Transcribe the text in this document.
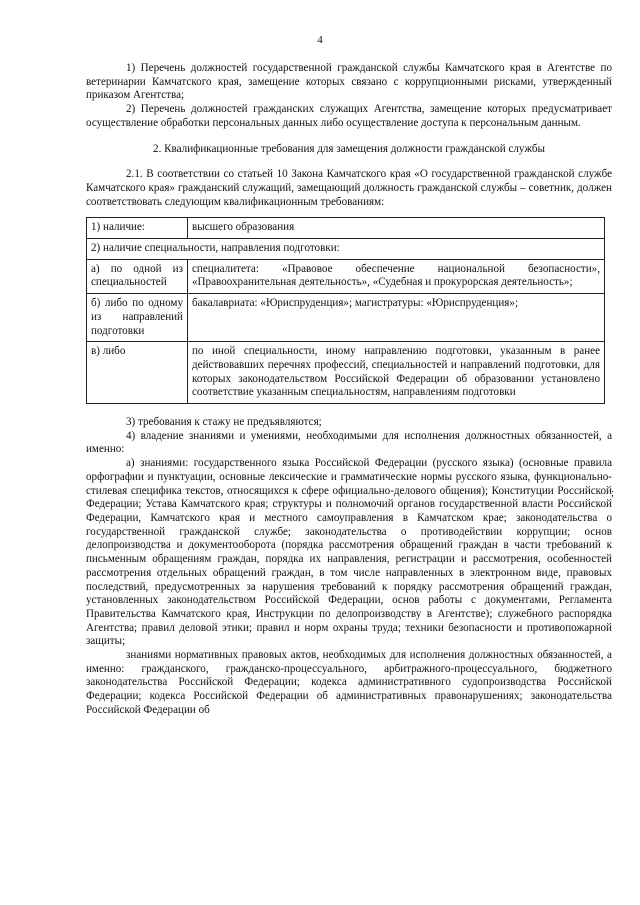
4

1) Перечень должностей государственной гражданской службы Камчатского края в Агентстве по ветеринарии Камчатского края, замещение которых связано с коррупционными рисками, утвержденный приказом Агентства;

2) Перечень должностей гражданских служащих Агентства, замещение которых предусматривает осуществление обработки персональных данных либо осуществление доступа к персональным данным.

2. Квалификационные требования для замещения должности гражданской службы

2.1. В соответствии со статьей 10 Закона Камчатского края «О государственной гражданской службе Камчатского края» гражданский служащий, замещающий должность гражданской службы – советник, должен соответствовать следующим квалификационным требованиям:

1) наличие:	высшего образования
2) наличие специальности, направления подготовки:	
а) по одной из специальностей	специалитета: «Правовое обеспечение национальной безопасности», «Правоохранительная деятельность», «Судебная и прокурорская деятельность»;
б) либо по одному из направлений подготовки	бакалавриата: «Юриспруденция»; магистратуры: «Юриспруденция»;
в) либо	по иной специальности, иному направлению подготовки, указанным в ранее действовавших перечнях профессий, специальностей и направлений подготовки, для которых законодательством Российской Федерации об образовании установлено соответствие указанным специальностям, направлениям подготовки

3) требования к стажу не предъявляются;

4) владение знаниями и умениями, необходимыми для исполнения должностных обязанностей, а именно:

а) знаниями: государственного языка Российской Федерации (русского языка) (основные правила орфографии и пунктуации, основные лексические и грамматические нормы русского языка, функционально-стилевая специфика текстов, относящихся к сфере официально-делового общения); Конституции Российской Федерации; Устава Камчатского края; структуры и полномочий органов государственной власти Российской Федерации, Камчатского края и местного самоуправления в Камчатском крае; законодательства о государственной гражданской службе; законодательства о противодействии коррупции; основ делопроизводства и документооборота (порядка рассмотрения обращений граждан в части требований к письменным обращениям граждан, порядка их направления, регистрации и рассмотрения, особенностей рассмотрения отдельных обращений граждан, в том числе направленных в электронном виде, правовых последствий, предусмотренных за нарушения требований к порядку рассмотрения обращений граждан, установленных законодательством Российской Федерации, основ работы с документами, Регламента Правительства Камчатского края, Инструкции по делопроизводству в Агентстве); служебного распорядка Агентства; правил деловой этики; правил и норм охраны труда; техники безопасности и противопожарной защиты;

знаниями нормативных правовых актов, необходимых для исполнения должностных обязанностей, а именно: гражданского, гражданско-процессуального, арбитражного-процессуального, бюджетного законодательства Российской Федерации; кодекса административного судопроизводства Российской Федерации; кодекса Российской Федерации об административных правонарушениях; законодательства Российской Федерации об

;
